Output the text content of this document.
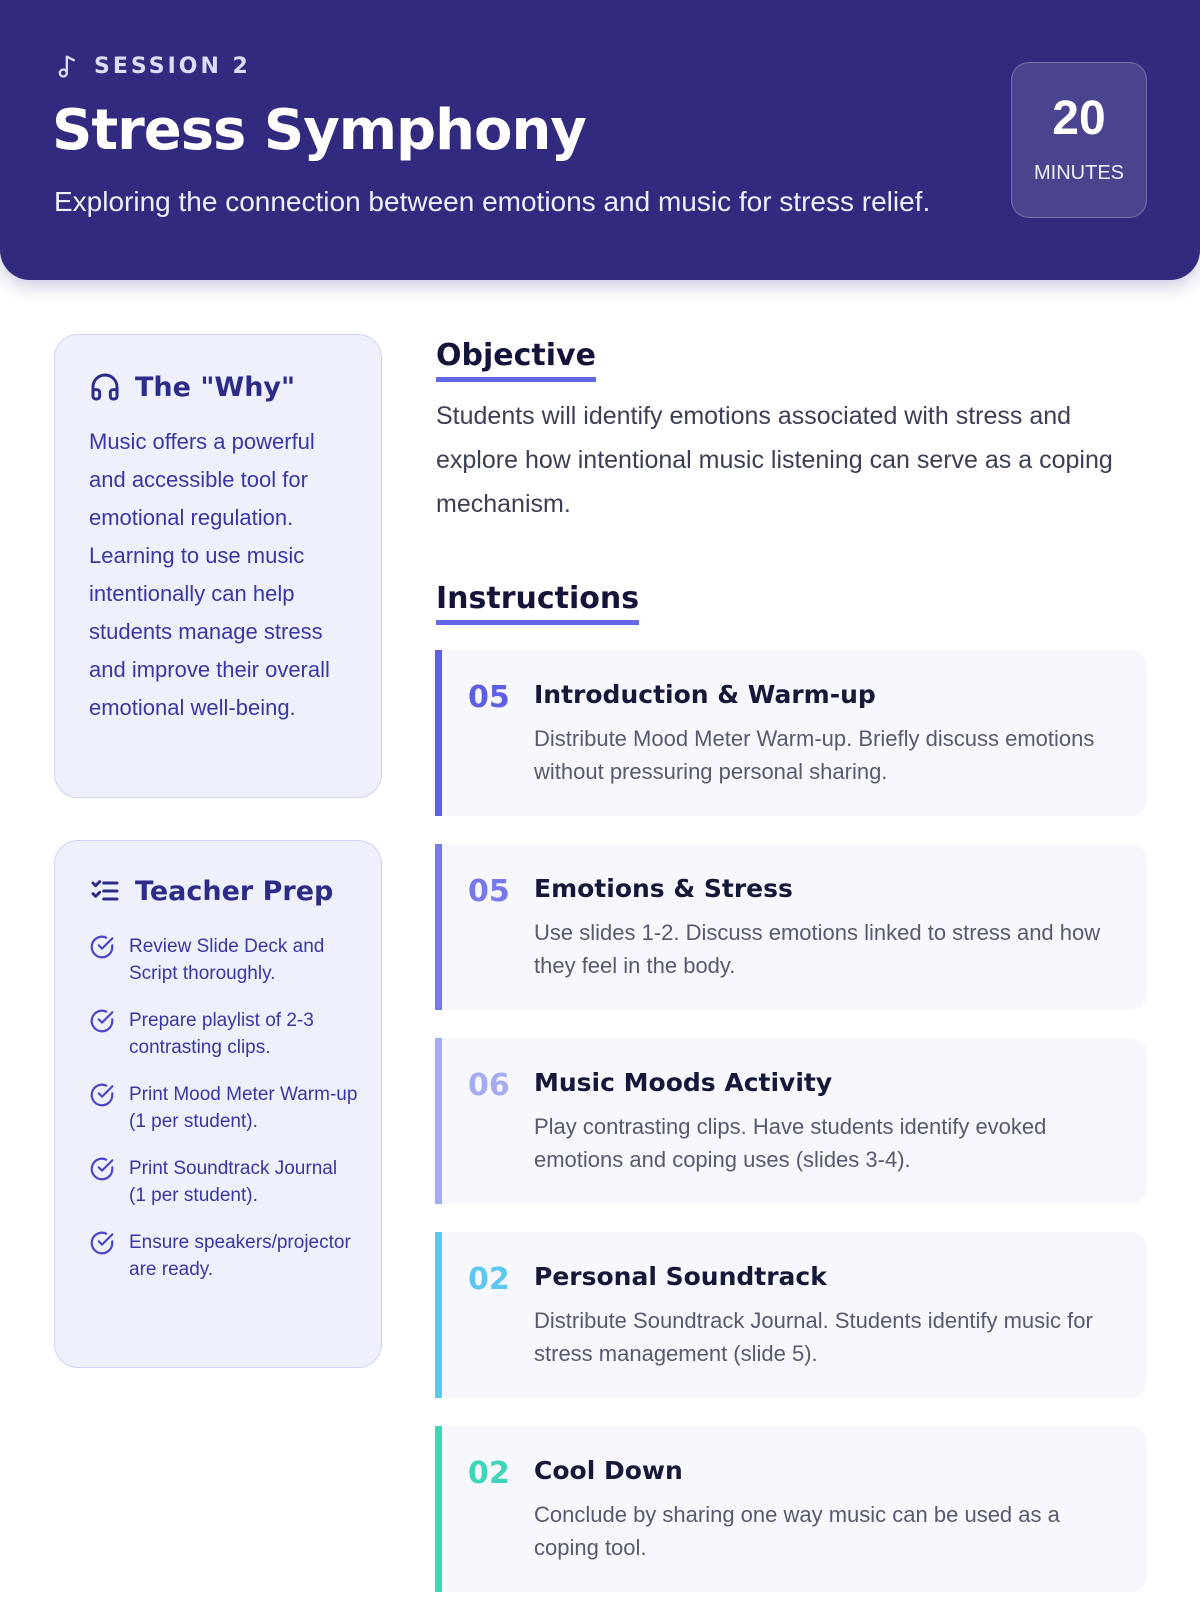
SESSION 2
Stress Symphony
Exploring the connection between emotions and music for stress relief.
20
MINUTES
The "Why"

Music offers a powerful and accessible tool for emotional regulation. Learning to use music intentionally can help students manage stress and improve their overall emotional well-being.

Teacher Prep
Review Slide Deck and Script thoroughly.
Prepare playlist of 2-3 contrasting clips.
Print Mood Meter Warm-up (1 per student).
Print Soundtrack Journal (1 per student).
Ensure speakers/projector are ready.
Objective

Students will identify emotions associated with stress and explore how intentional music listening can serve as a coping mechanism.

Instructions
05 Introduction & Warm-up

Distribute Mood Meter Warm-up. Briefly discuss emotions without pressuring personal sharing.

05 Emotions & Stress

Use slides 1-2. Discuss emotions linked to stress and how they feel in the body.

06 Music Moods Activity

Play contrasting clips. Have students identify evoked emotions and coping uses (slides 3-4).

02 Personal Soundtrack

Distribute Soundtrack Journal. Students identify music for stress management (slide 5).

02 Cool Down

Conclude by sharing one way music can be used as a coping tool.
